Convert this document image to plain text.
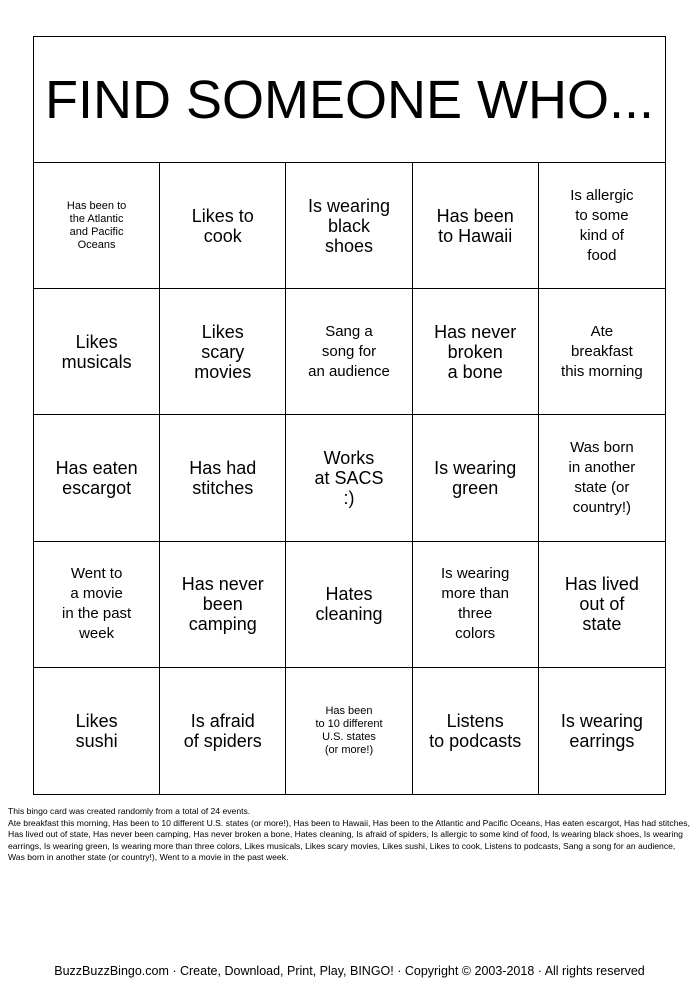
FIND SOMEONE WHO...
Has been to
the Atlantic
and Pacific
Oceans
Likes to
cook
Is wearing
black
shoes
Has been
to Hawaii
Is allergic
to some
kind of
food
Likes
musicals
Likes
scary
movies
Sang a
song for
an audience
Has never
broken
a bone
Ate
breakfast
this morning
Has eaten
escargot
Has had
stitches
Works
at SACS
:)
Is wearing
green
Was born
in another
state (or
country!)
Went to
a movie
in the past
week
Has never
been
camping
Hates
cleaning
Is wearing
more than
three
colors
Has lived
out of
state
Likes
sushi
Is afraid
of spiders
Has been
to 10 different
U.S. states
(or more!)
Listens
to podcasts
Is wearing
earrings

This bingo card was created randomly from a total of 24 events.

Ate breakfast this morning, Has been to 10 different U.S. states (or more!), Has been to Hawaii, Has been to the Atlantic and Pacific Oceans, Has eaten escargot, Has had stitches, Has lived out of state, Has never been camping, Has never broken a bone, Hates cleaning, Is afraid of spiders, Is allergic to some kind of food, Is wearing black shoes, Is wearing earrings, Is wearing green, Is wearing more than three colors, Likes musicals, Likes scary movies, Likes sushi, Likes to cook, Listens to podcasts, Sang a song for an audience, Was born in another state (or country!), Went to a movie in the past week.

BuzzBuzzBingo.com · Create, Download, Print, Play, BINGO! · Copyright © 2003-2018 · All rights reserved
